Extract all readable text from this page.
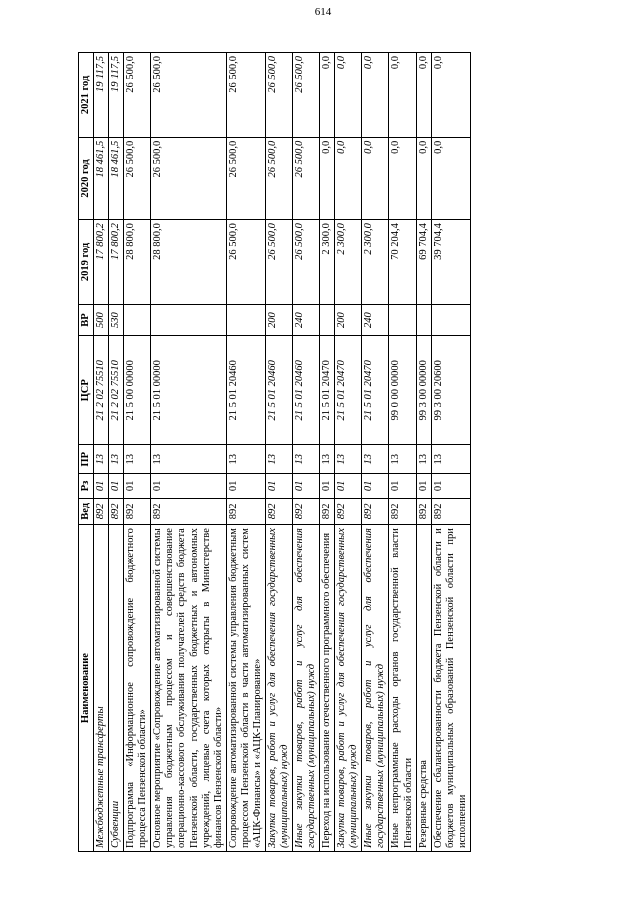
614
Наименование	Вед	Рз	ПР	ЦСР	ВР	2019 год	2020 год	2021 год
Межбюджетные трансферты	892	01	13	21 2 02 75510	500	17 800,2	18 461,5	19 117,5
Субвенции	892	01	13	21 2 02 75510	530	17 800,2	18 461,5	19 117,5
Подпрограмма «Информационное сопровождение бюджетного процесса Пензенской области»	892	01	13	21 5 00 00000		28 800,0	26 500,0	26 500,0
Основное мероприятие «Сопровождение автоматизированной системы управления бюджетным процессом и совершенствование операционно-кассового обслуживания получателей средств бюджета Пензенской области, государственных бюджетных и автономных учреждений, лицевые счета которых открыты в Министерстве финансов Пензенской области»	892	01	13	21 5 01 00000		28 800,0	26 500,0	26 500,0
Сопровождение автоматизированной системы управления бюджетным процессом Пензенской области в части автоматизированных систем «АЦК-Финансы» и «АЦК-Планирование»	892	01	13	21 5 01 20460		26 500,0	26 500,0	26 500,0
Закупка товаров, работ и услуг для обеспечения государственных (муниципальных) нужд	892	01	13	21 5 01 20460	200	26 500,0	26 500,0	26 500,0
Иные закупки товаров, работ и услуг для обеспечения государственных (муниципальных) нужд	892	01	13	21 5 01 20460	240	26 500,0	26 500,0	26 500,0
Переход на использование отечественного программного обеспечения	892	01	13	21 5 01 20470		2 300,0	0,0	0,0
Закупка товаров, работ и услуг для обеспечения государственных (муниципальных) нужд	892	01	13	21 5 01 20470	200	2 300,0	0,0	0,0
Иные закупки товаров, работ и услуг для обеспечения государственных (муниципальных) нужд	892	01	13	21 5 01 20470	240	2 300,0	0,0	0,0
Иные непрограммные расходы органов государственной власти Пензенской области	892	01	13	99 0 00 00000		70 204,4	0,0	0,0
Резервные средства	892	01	13	99 3 00 00000		69 704,4	0,0	0,0
Обеспечение сбалансированности бюджета Пензенской области и бюджетов муниципальных образований Пензенской области при исполнении	892	01	13	99 3 00 20600		39 704,4	0,0	0,0
